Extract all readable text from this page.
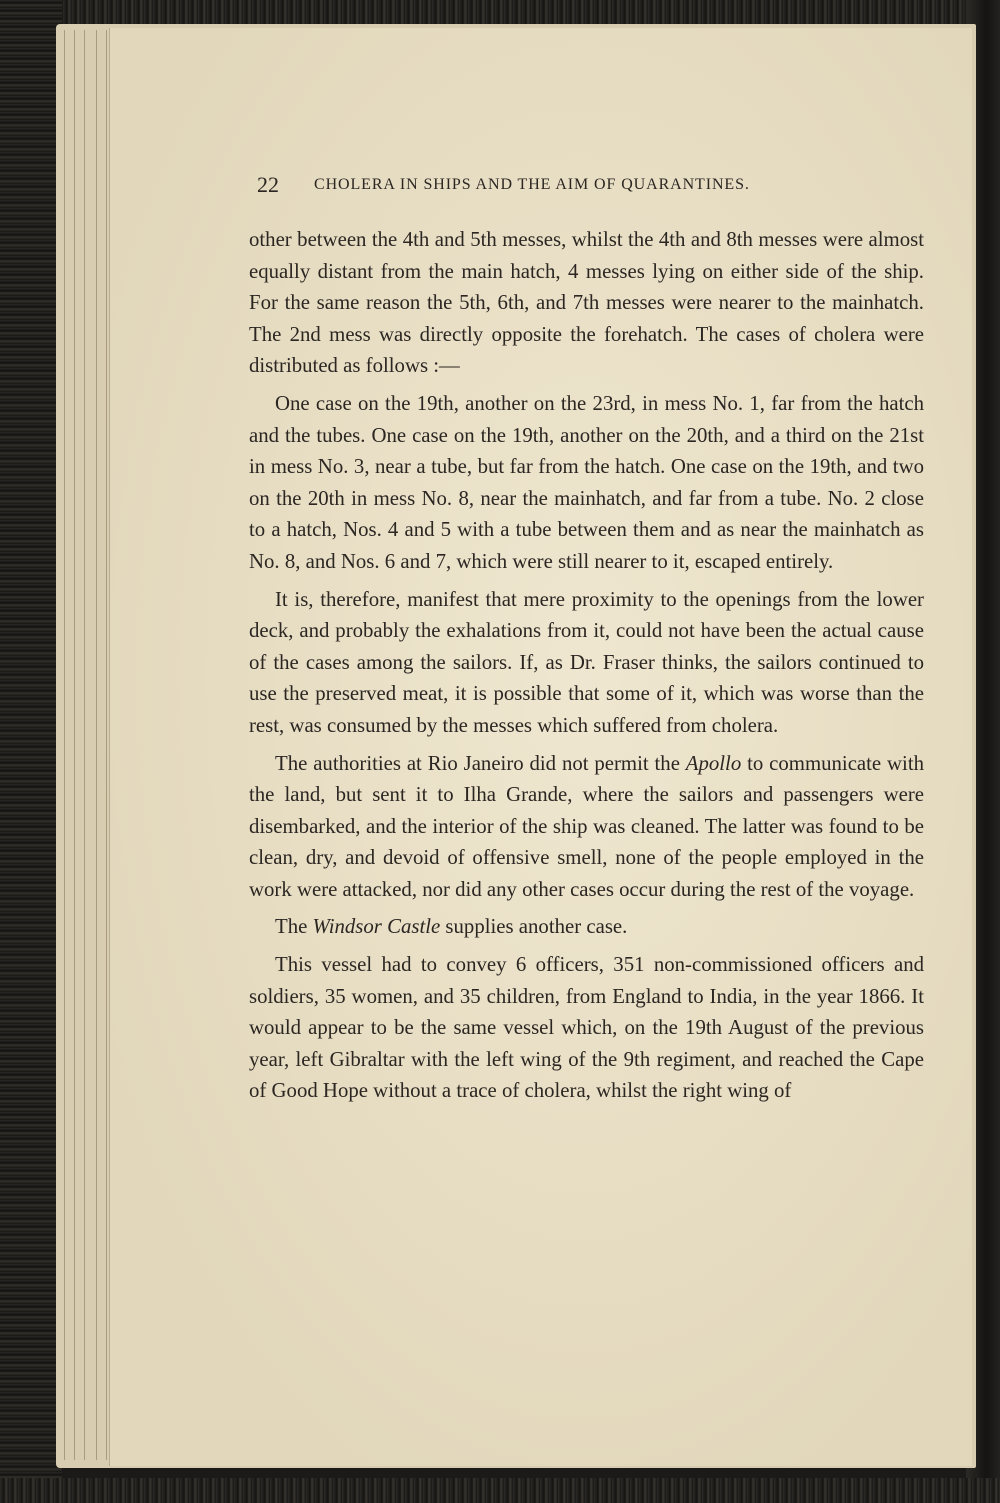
22 CHOLERA IN SHIPS AND THE AIM OF QUARANTINES.

other between the 4th and 5th messes, whilst the 4th and 8th messes were almost equally distant from the main hatch, 4 messes lying on either side of the ship. For the same reason the 5th, 6th, and 7th messes were nearer to the mainhatch. The 2nd mess was directly opposite the forehatch. The cases of cholera were distributed as follows :—

One case on the 19th, another on the 23rd, in mess No. 1, far from the hatch and the tubes. One case on the 19th, another on the 20th, and a third on the 21st in mess No. 3, near a tube, but far from the hatch. One case on the 19th, and two on the 20th in mess No. 8, near the mainhatch, and far from a tube. No. 2 close to a hatch, Nos. 4 and 5 with a tube between them and as near the mainhatch as No. 8, and Nos. 6 and 7, which were still nearer to it, escaped entirely.

It is, therefore, manifest that mere proximity to the openings from the lower deck, and probably the exhalations from it, could not have been the actual cause of the cases among the sailors. If, as Dr. Fraser thinks, the sailors continued to use the preserved meat, it is possible that some of it, which was worse than the rest, was consumed by the messes which suffered from cholera.

The authorities at Rio Janeiro did not permit the Apollo to communicate with the land, but sent it to Ilha Grande, where the sailors and passengers were disembarked, and the interior of the ship was cleaned. The latter was found to be clean, dry, and devoid of offensive smell, none of the people employed in the work were attacked, nor did any other cases occur during the rest of the voyage.

The Windsor Castle supplies another case.

This vessel had to convey 6 officers, 351 non-commissioned officers and soldiers, 35 women, and 35 children, from England to India, in the year 1866. It would appear to be the same vessel which, on the 19th August of the previous year, left Gibraltar with the left wing of the 9th regiment, and reached the Cape of Good Hope without a trace of cholera, whilst the right wing of
